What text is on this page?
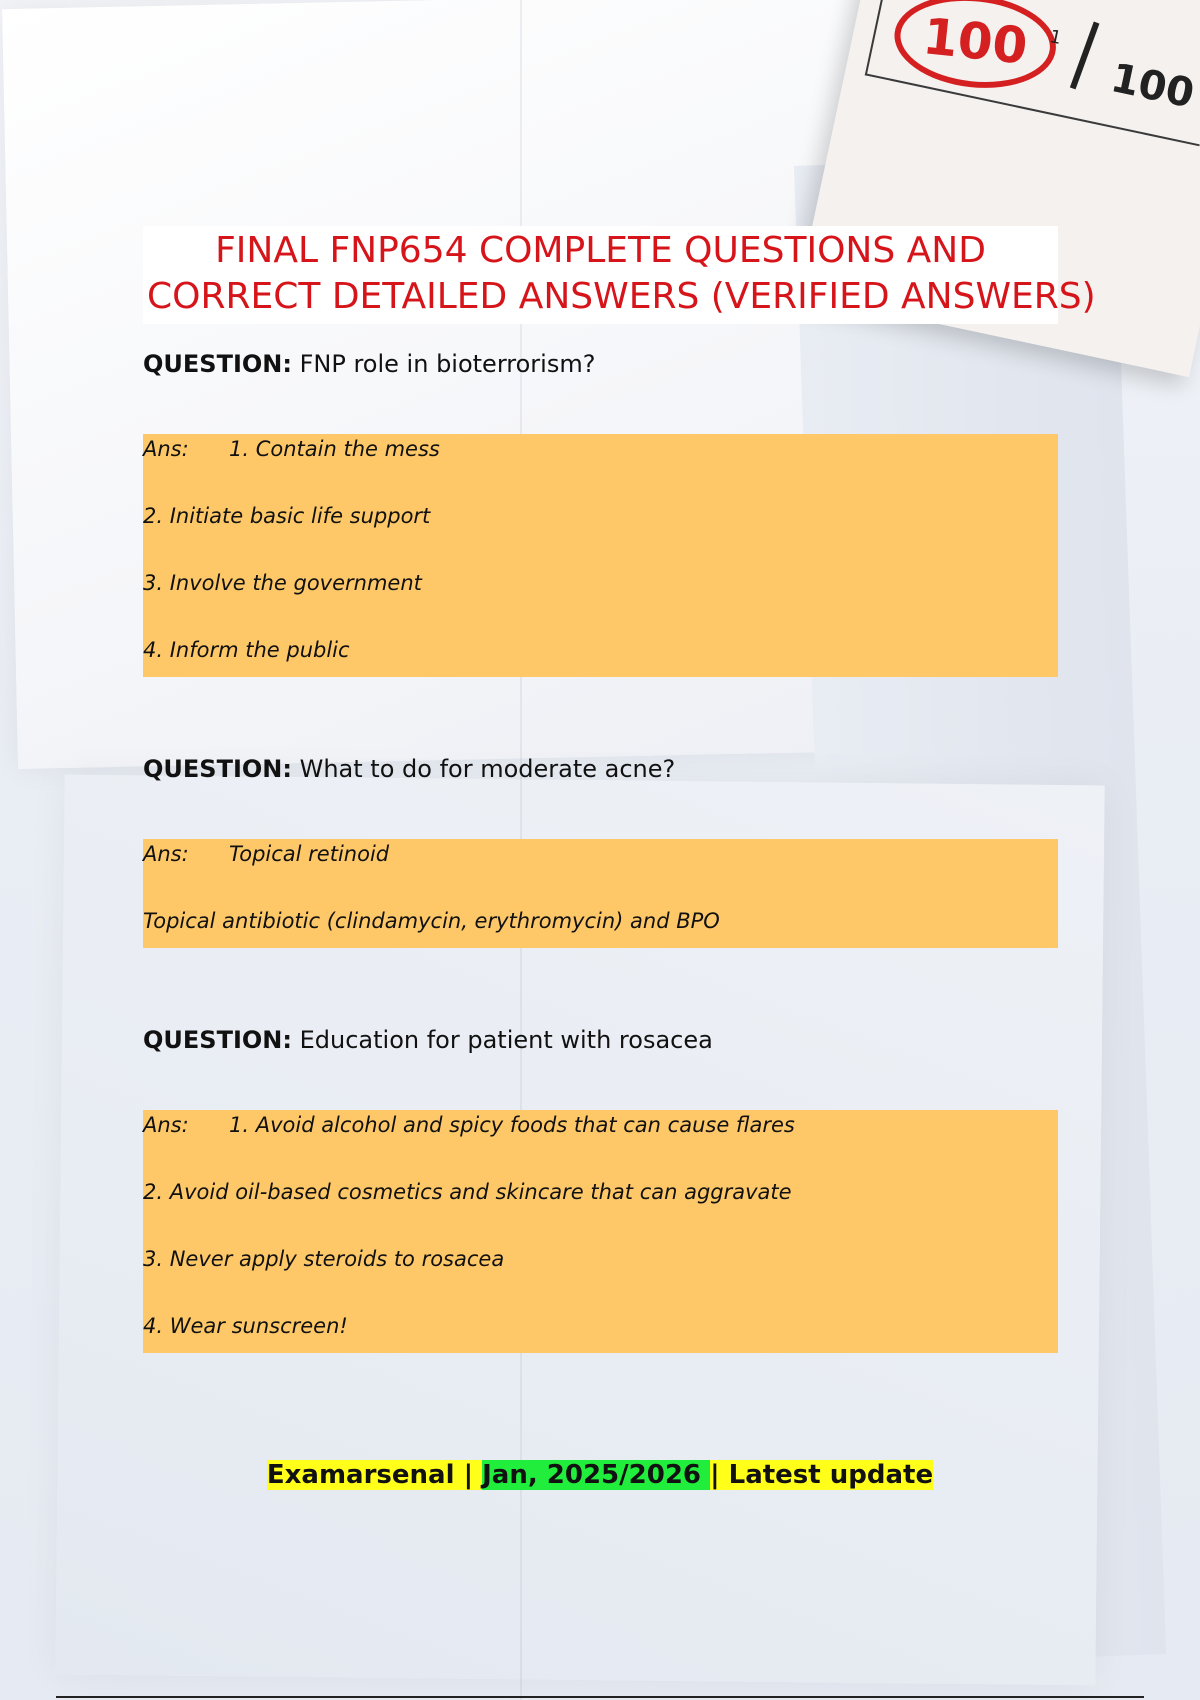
100 1
100
FINAL FNP654 COMPLETE QUESTIONS AND
CORRECT DETAILED ANSWERS (VERIFIED ANSWERS)
QUESTION: FNP role in bioterrorism?
Ans: 1. Contain the mess
2. Initiate basic life support
3. Involve the government
4. Inform the public
QUESTION: What to do for moderate acne?
Ans: Topical retinoid
Topical antibiotic (clindamycin, erythromycin) and BPO
QUESTION: Education for patient with rosacea
Ans: 1. Avoid alcohol and spicy foods that can cause flares
2. Avoid oil-based cosmetics and skincare that can aggravate
3. Never apply steroids to rosacea
4. Wear sunscreen!
Examarsenal | Jan, 2025/2026 | Latest update
